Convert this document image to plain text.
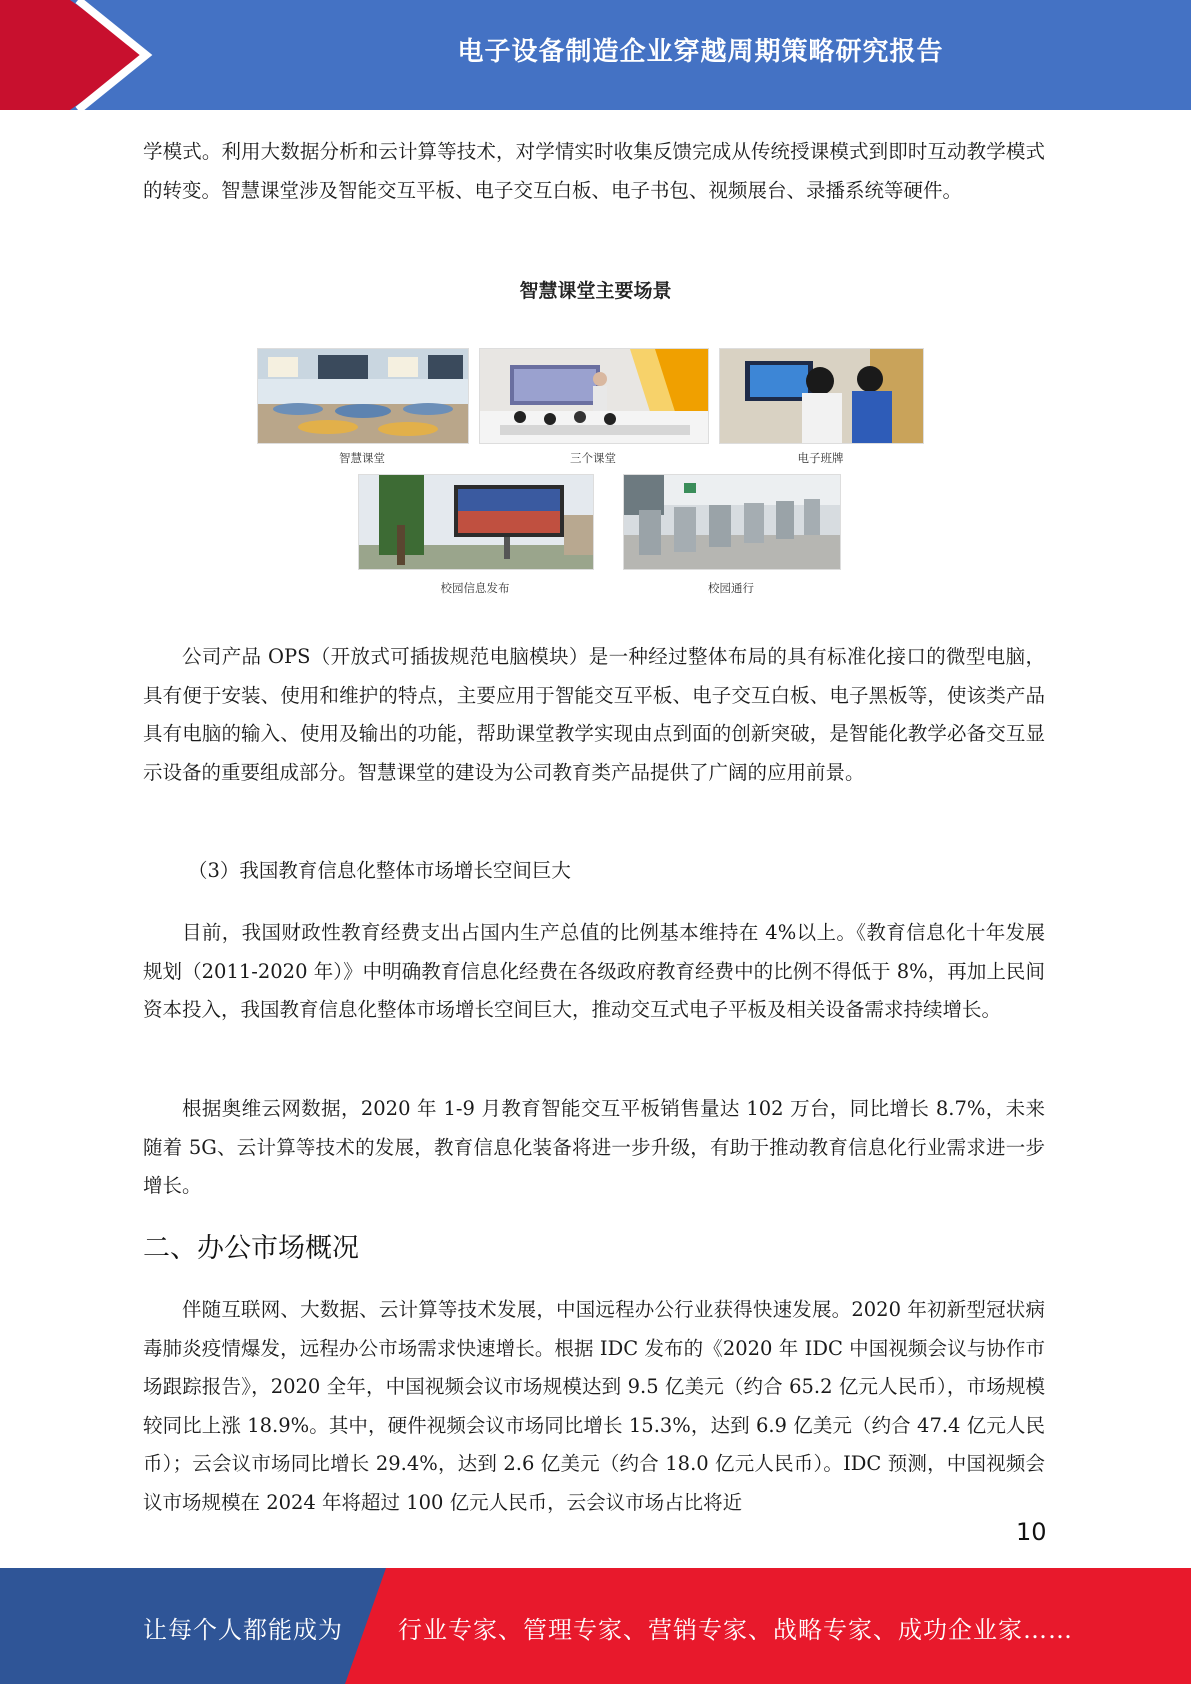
电子设备制造企业穿越周期策略研究报告

学模式。利用大数据分析和云计算等技术，对学情实时收集反馈完成从传统授课模式到即时互动教学模式的转变。智慧课堂涉及智能交互平板、电子交互白板、电子书包、视频展台、录播系统等硬件。

智慧课堂主要场景
智慧课堂	三个课堂	电子班牌
校园信息发布	校园通行

公司产品 OPS（开放式可插拔规范电脑模块）是一种经过整体布局的具有标准化接口的微型电脑，具有便于安装、使用和维护的特点，主要应用于智能交互平板、电子交互白板、电子黑板等，使该类产品具有电脑的输入、使用及输出的功能，帮助课堂教学实现由点到面的创新突破，是智能化教学必备交互显示设备的重要组成部分。智慧课堂的建设为公司教育类产品提供了广阔的应用前景。

（3）我国教育信息化整体市场增长空间巨大

目前，我国财政性教育经费支出占国内生产总值的比例基本维持在 4%以上。《教育信息化十年发展规划（2011-2020 年）》中明确教育信息化经费在各级政府教育经费中的比例不得低于 8%，再加上民间资本投入，我国教育信息化整体市场增长空间巨大，推动交互式电子平板及相关设备需求持续增长。

根据奥维云网数据，2020 年 1-9 月教育智能交互平板销售量达 102 万台，同比增长 8.7%，未来随着 5G、云计算等技术的发展，教育信息化装备将进一步升级，有助于推动教育信息化行业需求进一步增长。

二、办公市场概况

伴随互联网、大数据、云计算等技术发展，中国远程办公行业获得快速发展。2020 年初新型冠状病毒肺炎疫情爆发，远程办公市场需求快速增长。根据 IDC 发布的《2020 年 IDC 中国视频会议与协作市场跟踪报告》，2020 全年，中国视频会议市场规模达到 9.5 亿美元（约合 65.2 亿元人民币），市场规模较同比上涨 18.9%。其中，硬件视频会议市场同比增长 15.3%，达到 6.9 亿美元（约合 47.4 亿元人民币）；云会议市场同比增长 29.4%，达到 2.6 亿美元（约合 18.0 亿元人民币）。IDC 预测，中国视频会议市场规模在 2024 年将超过 100 亿元人民币，云会议市场占比将近

10
让每个人都能成为 行业专家、管理专家、营销专家、战略专家、成功企业家……
